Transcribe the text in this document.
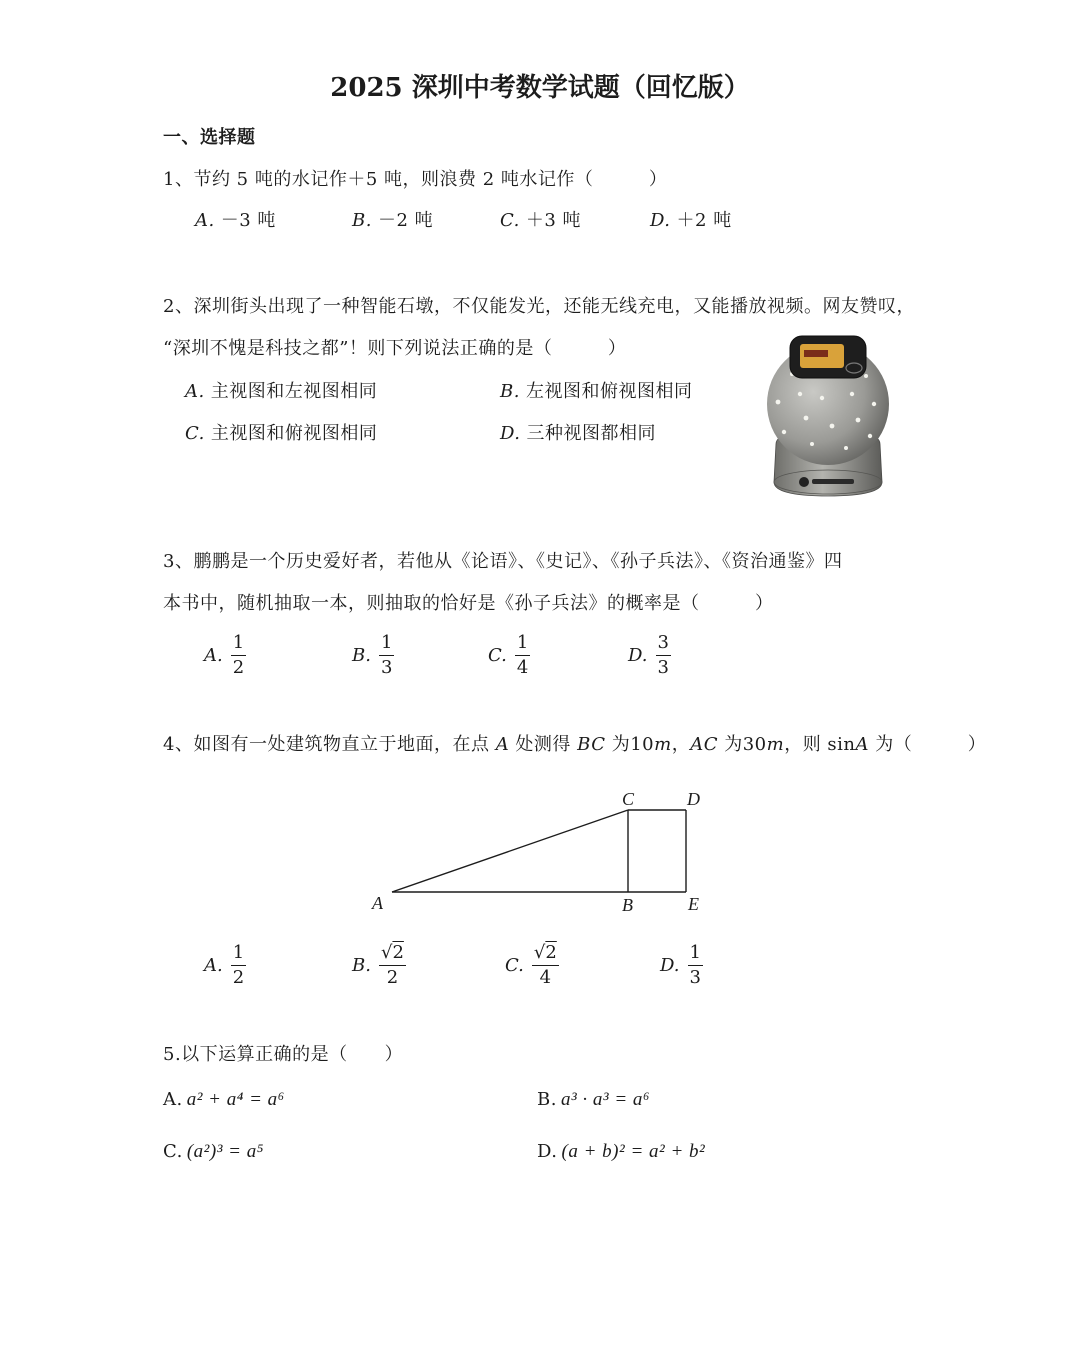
2025 深圳中考数学试题（回忆版）
一、选择题
1、节约 5 吨的水记作＋5 吨，则浪费 2 吨水记作（　　　）
A. －3 吨	B. －2 吨	C. ＋3 吨	D. ＋2 吨
2、深圳街头出现了一种智能石墩，不仅能发光，还能无线充电，又能播放视频。网友赞叹，
“深圳不愧是科技之都”！则下列说法正确的是（　　　）
A. 主视图和左视图相同	B. 左视图和俯视图相同
C. 主视图和俯视图相同	D. 三种视图都相同
3、鹏鹏是一个历史爱好者，若他从《论语》、《史记》、《孙子兵法》、《资治通鉴》四
本书中，随机抽取一本，则抽取的恰好是《孙子兵法》的概率是（　　　）
A. $\frac{1}{2}$	B. $\frac{1}{3}$	C. $\frac{1}{4}$	D. $\frac{3}{3}$
4、如图有一处建筑物直立于地面，在点 A 处测得 BC 为10m，AC 为30m，则 sinA 为（　　　）
A	B
C	D
E
A. $\frac{1}{2}$	B. $\frac{√2}{2}$	C. $\frac{√2}{4}$	D. $\frac{1}{3}$
5.以下运算正确的是（　　）
A. a² + a⁴ = a⁶	B. a³ · a³ = a⁶
C. (a²)³ = a⁵	D. (a + b)² = a² + b²
